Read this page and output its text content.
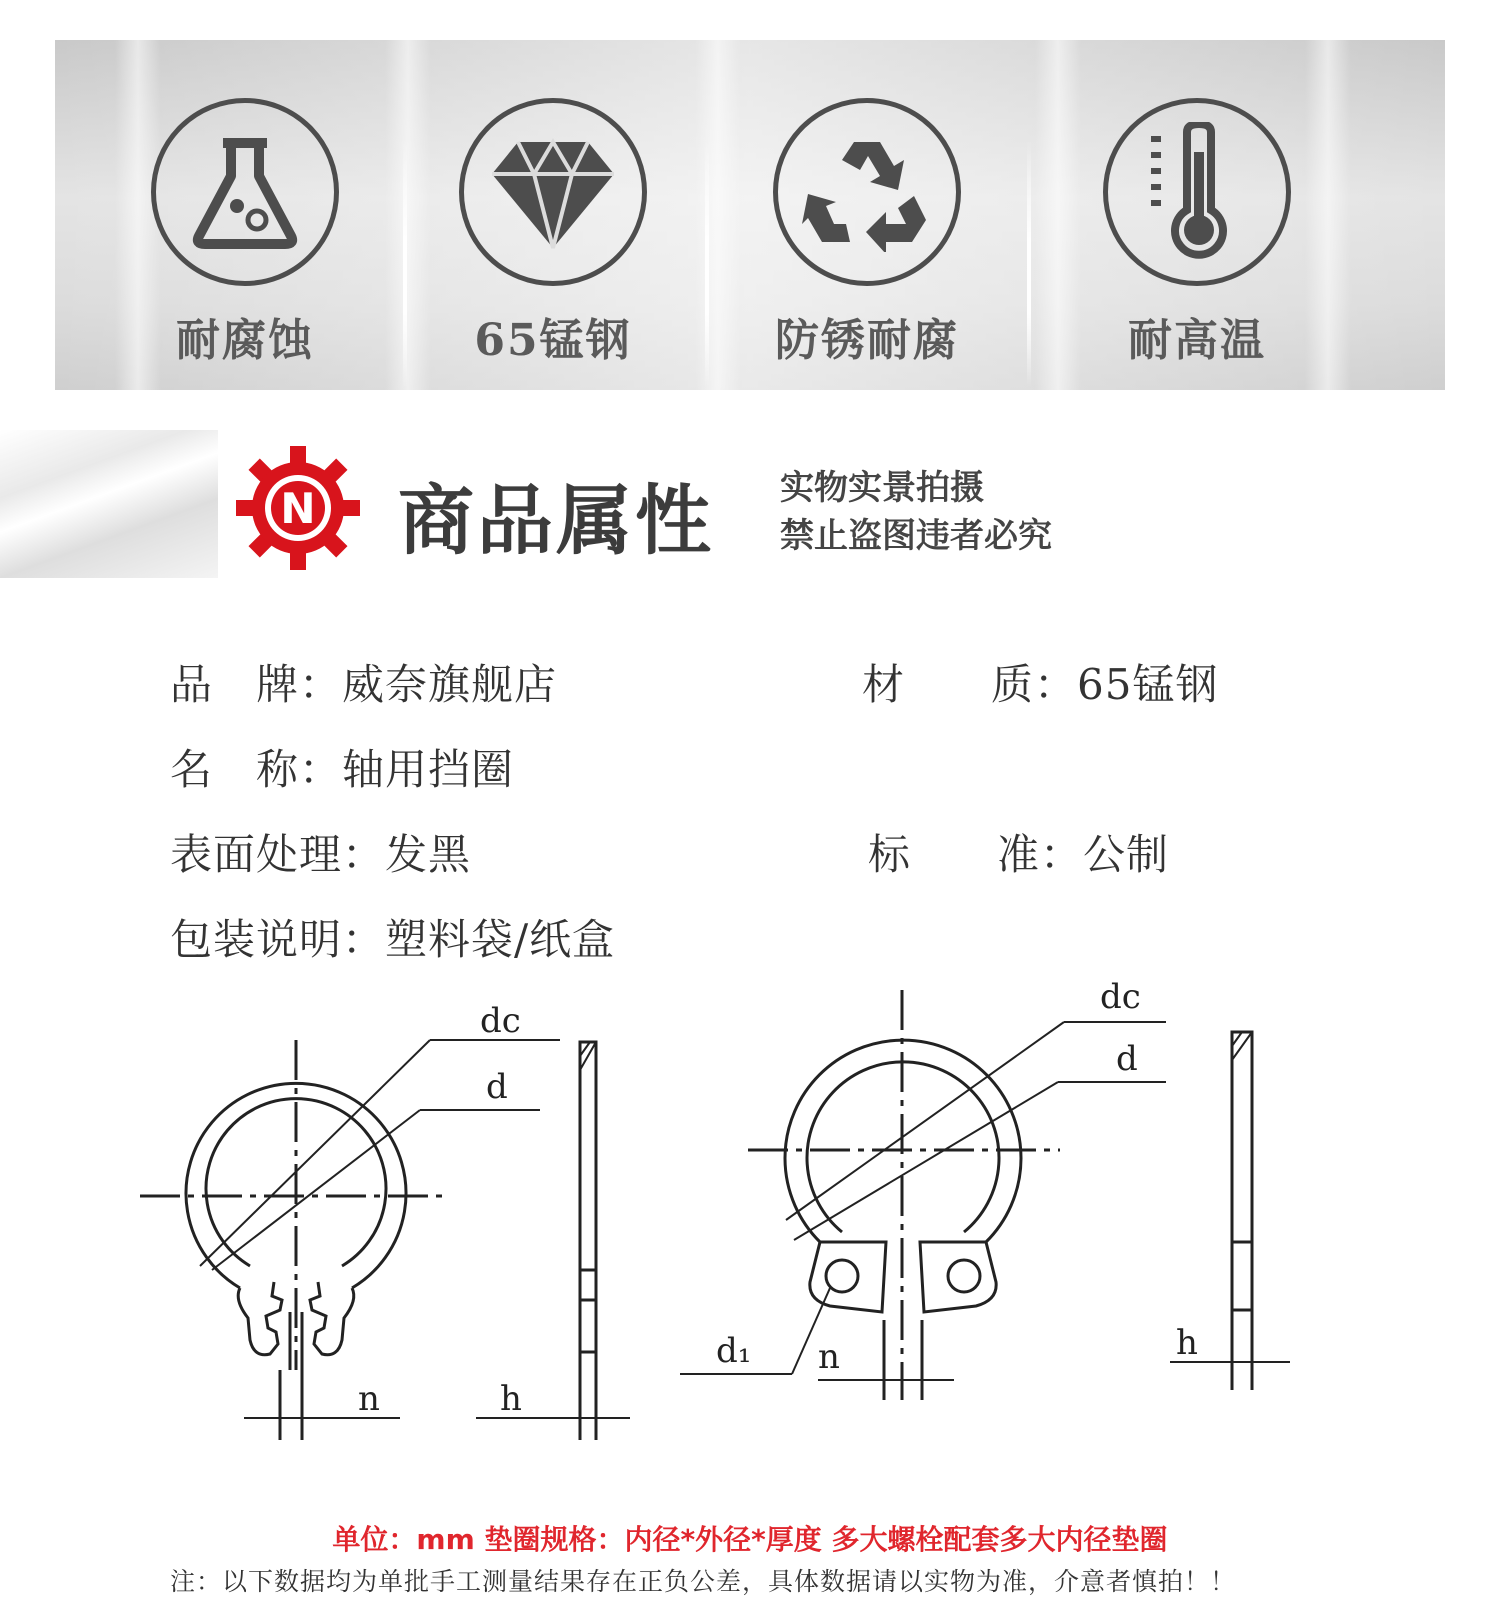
耐腐蚀	65锰钢	防锈耐腐	耐高温
N 商品属性 实物实景拍摄
禁止盗图违者必究
品　牌：威奈旗舰店	材　　质：65锰钢
名　称：轴用挡圈
表面处理：发黑	标　　准：公制
包装说明：塑料袋/纸盒
dc
d
n	h
dc
d
d₁ n	h
单位：mm 垫圈规格：内径*外径*厚度 多大螺栓配套多大内径垫圈
注：以下数据均为单批手工测量结果存在正负公差，具体数据请以实物为准，介意者慎拍！！
